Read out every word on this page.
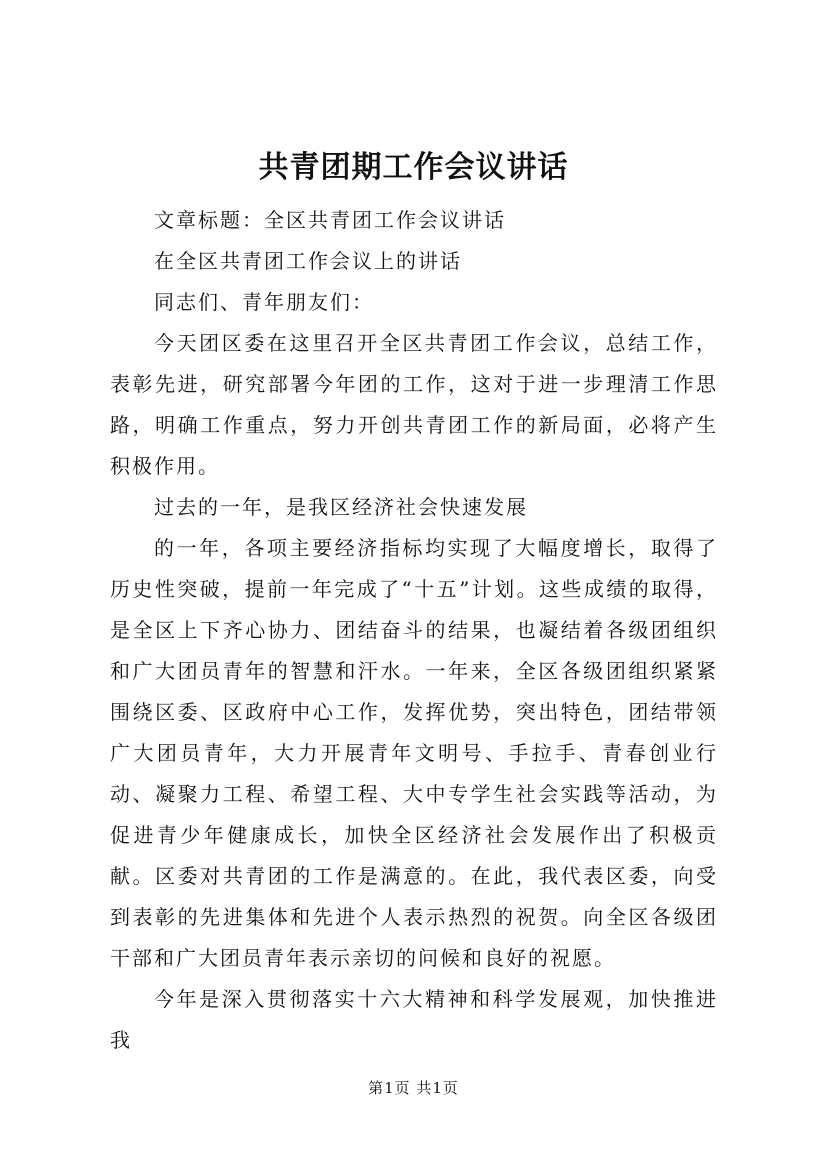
共青团期工作会议讲话

文章标题：全区共青团工作会议讲话

在全区共青团工作会议上的讲话

同志们、青年朋友们：

今天团区委在这里召开全区共青团工作会议，总结工作，表彰先进，研究部署今年团的工作，这对于进一步理清工作思路，明确工作重点，努力开创共青团工作的新局面，必将产生积极作用。

过去的一年，是我区经济社会快速发展

的一年，各项主要经济指标均实现了大幅度增长，取得了历史性突破，提前一年完成了“十五”计划。这些成绩的取得，是全区上下齐心协力、团结奋斗的结果，也凝结着各级团组织和广大团员青年的智慧和汗水。一年来，全区各级团组织紧紧围绕区委、区政府中心工作，发挥优势，突出特色，团结带领广大团员青年，大力开展青年文明号、手拉手、青春创业行动、凝聚力工程、希望工程、大中专学生社会实践等活动，为促进青少年健康成长，加快全区经济社会发展作出了积极贡献。区委对共青团的工作是满意的。在此，我代表区委，向受到表彰的先进集体和先进个人表示热烈的祝贺。向全区各级团干部和广大团员青年表示亲切的问候和良好的祝愿。

今年是深入贯彻落实十六大精神和科学发展观，加快推进我

第1页 共1页
